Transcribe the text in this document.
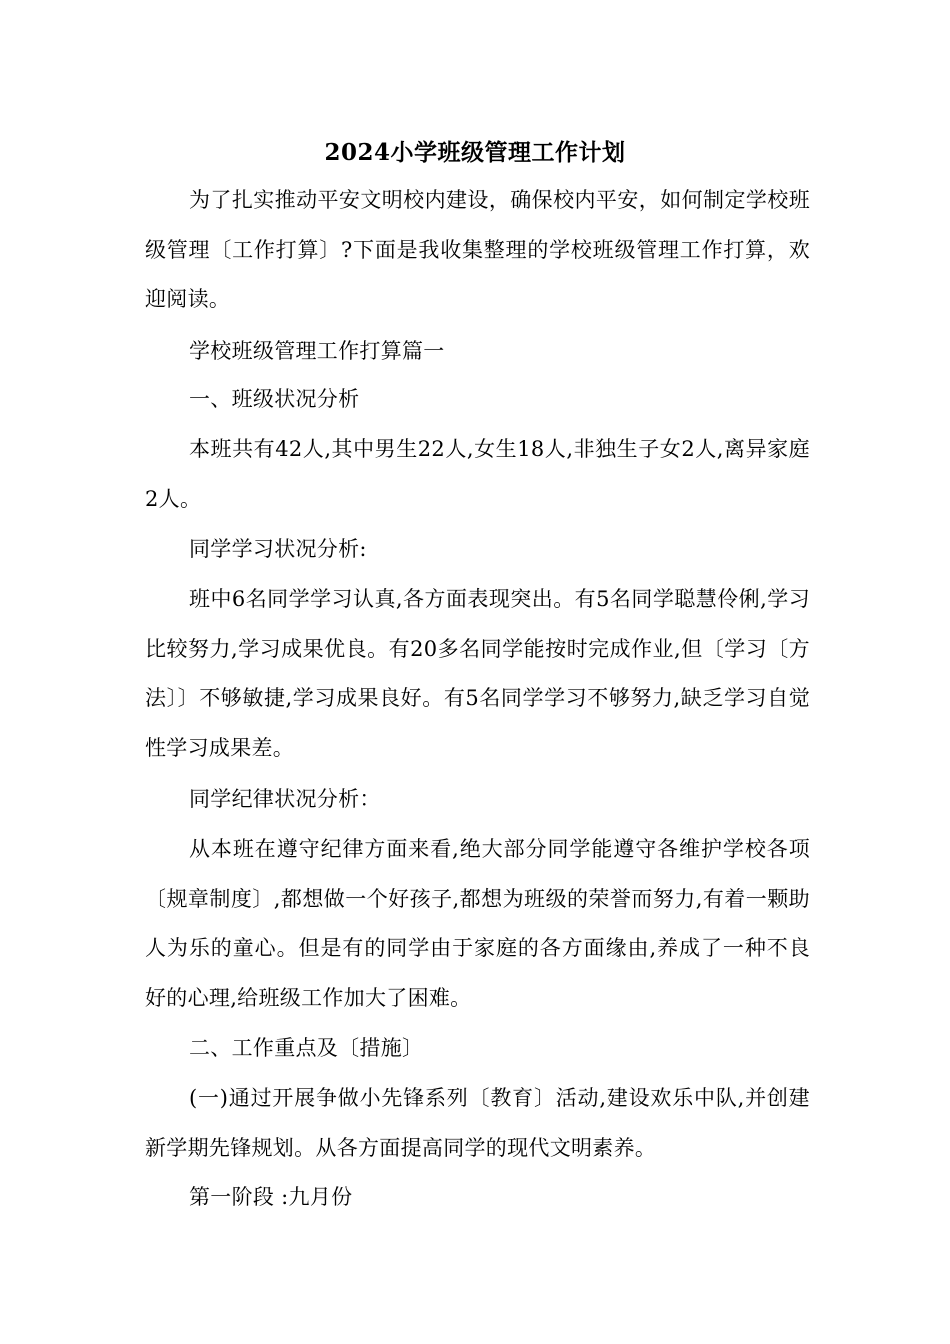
2024小学班级管理工作计划
为了扎实推动平安文明校内建设，确保校内平安，如何制定学校班级管理〔工作打算〕?下面是我收集整理的学校班级管理工作打算，欢迎阅读。
学校班级管理工作打算篇一
一、班级状况分析
本班共有42人,其中男生22人,女生18人,非独生子女2人,离异家庭2人。
同学学习状况分析:
班中6名同学学习认真,各方面表现突出。有5名同学聪慧伶俐,学习比较努力,学习成果优良。有20多名同学能按时完成作业,但〔学习〔方法〕〕不够敏捷,学习成果良好。有5名同学学习不够努力,缺乏学习自觉性学习成果差。
同学纪律状况分析：
从本班在遵守纪律方面来看,绝大部分同学能遵守各维护学校各项〔规章制度〕,都想做一个好孩子,都想为班级的荣誉而努力,有着一颗助人为乐的童心。但是有的同学由于家庭的各方面缘由,养成了一种不良好的心理,给班级工作加大了困难。
二、工作重点及〔措施〕
(一)通过开展争做小先锋系列〔教育〕活动,建设欢乐中队,并创建新学期先锋规划。从各方面提高同学的现代文明素养。
第一阶段 :九月份
